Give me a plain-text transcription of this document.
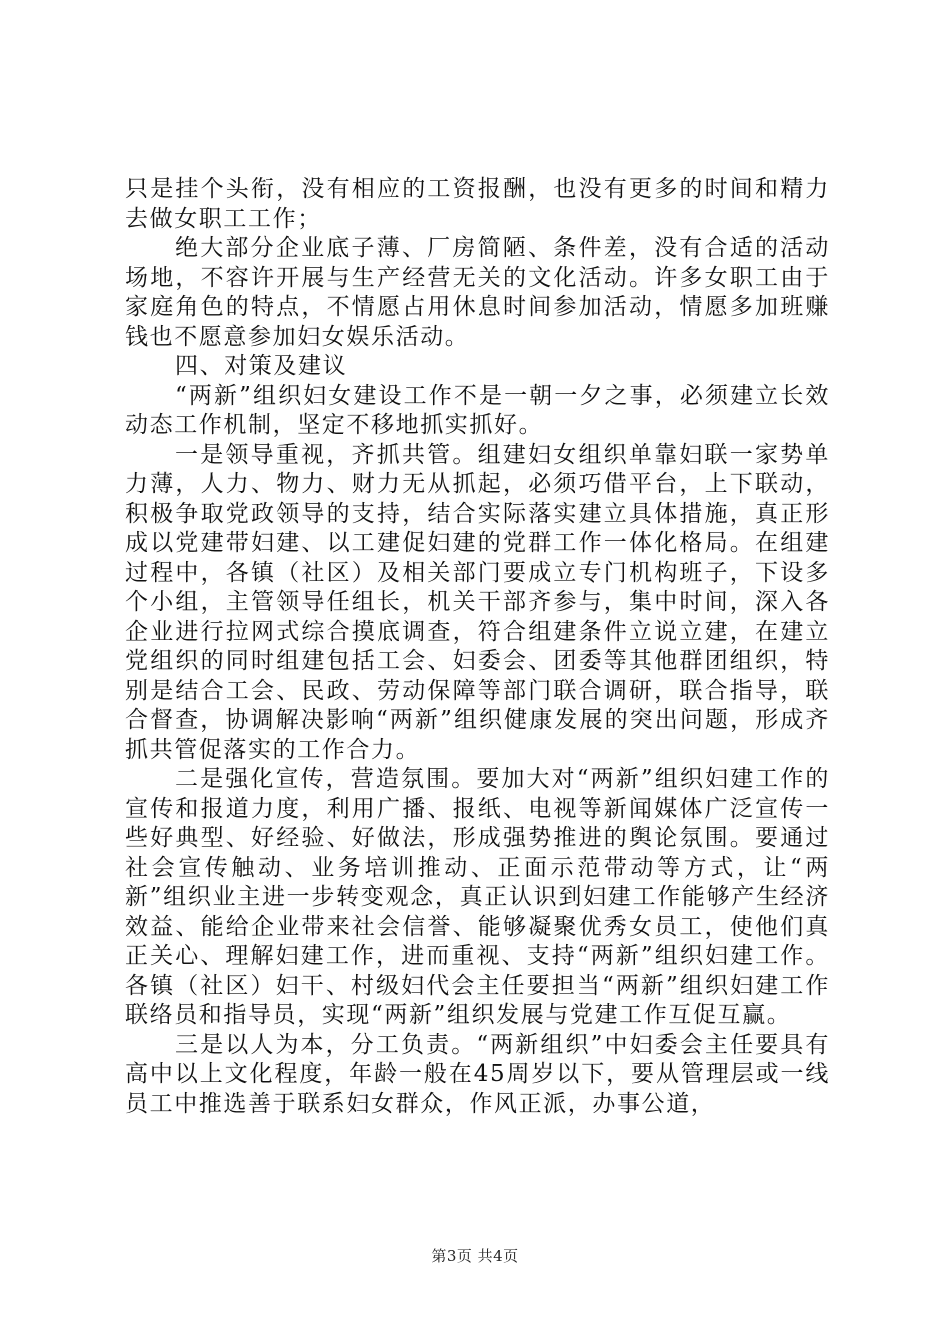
只是挂个头衔，没有相应的工资报酬，也没有更多的时间和精力去做女职工工作；

绝大部分企业底子薄、厂房简陋、条件差，没有合适的活动场地，不容许开展与生产经营无关的文化活动。许多女职工由于家庭角色的特点，不情愿占用休息时间参加活动，情愿多加班赚钱也不愿意参加妇女娱乐活动。

四、对策及建议

“两新”组织妇女建设工作不是一朝一夕之事，必须建立长效动态工作机制，坚定不移地抓实抓好。

一是领导重视，齐抓共管。组建妇女组织单靠妇联一家势单力薄，人力、物力、财力无从抓起，必须巧借平台，上下联动，积极争取党政领导的支持，结合实际落实建立具体措施，真正形成以党建带妇建、以工建促妇建的党群工作一体化格局。在组建过程中，各镇（社区）及相关部门要成立专门机构班子，下设多个小组，主管领导任组长，机关干部齐参与，集中时间，深入各企业进行拉网式综合摸底调查，符合组建条件立说立建，在建立党组织的同时组建包括工会、妇委会、团委等其他群团组织，特别是结合工会、民政、劳动保障等部门联合调研，联合指导，联合督查，协调解决影响“两新”组织健康发展的突出问题，形成齐抓共管促落实的工作合力。

二是强化宣传，营造氛围。要加大对“两新”组织妇建工作的宣传和报道力度，利用广播、报纸、电视等新闻媒体广泛宣传一些好典型、好经验、好做法，形成强势推进的舆论氛围。要通过社会宣传触动、业务培训推动、正面示范带动等方式，让“两新”组织业主进一步转变观念，真正认识到妇建工作能够产生经济效益、能给企业带来社会信誉、能够凝聚优秀女员工，使他们真正关心、理解妇建工作，进而重视、支持“两新”组织妇建工作。各镇（社区）妇干、村级妇代会主任要担当“两新”组织妇建工作联络员和指导员，实现“两新”组织发展与党建工作互促互赢。

三是以人为本，分工负责。“两新组织”中妇委会主任要具有高中以上文化程度，年龄一般在45周岁以下，要从管理层或一线员工中推选善于联系妇女群众，作风正派，办事公道，

第3页 共4页
